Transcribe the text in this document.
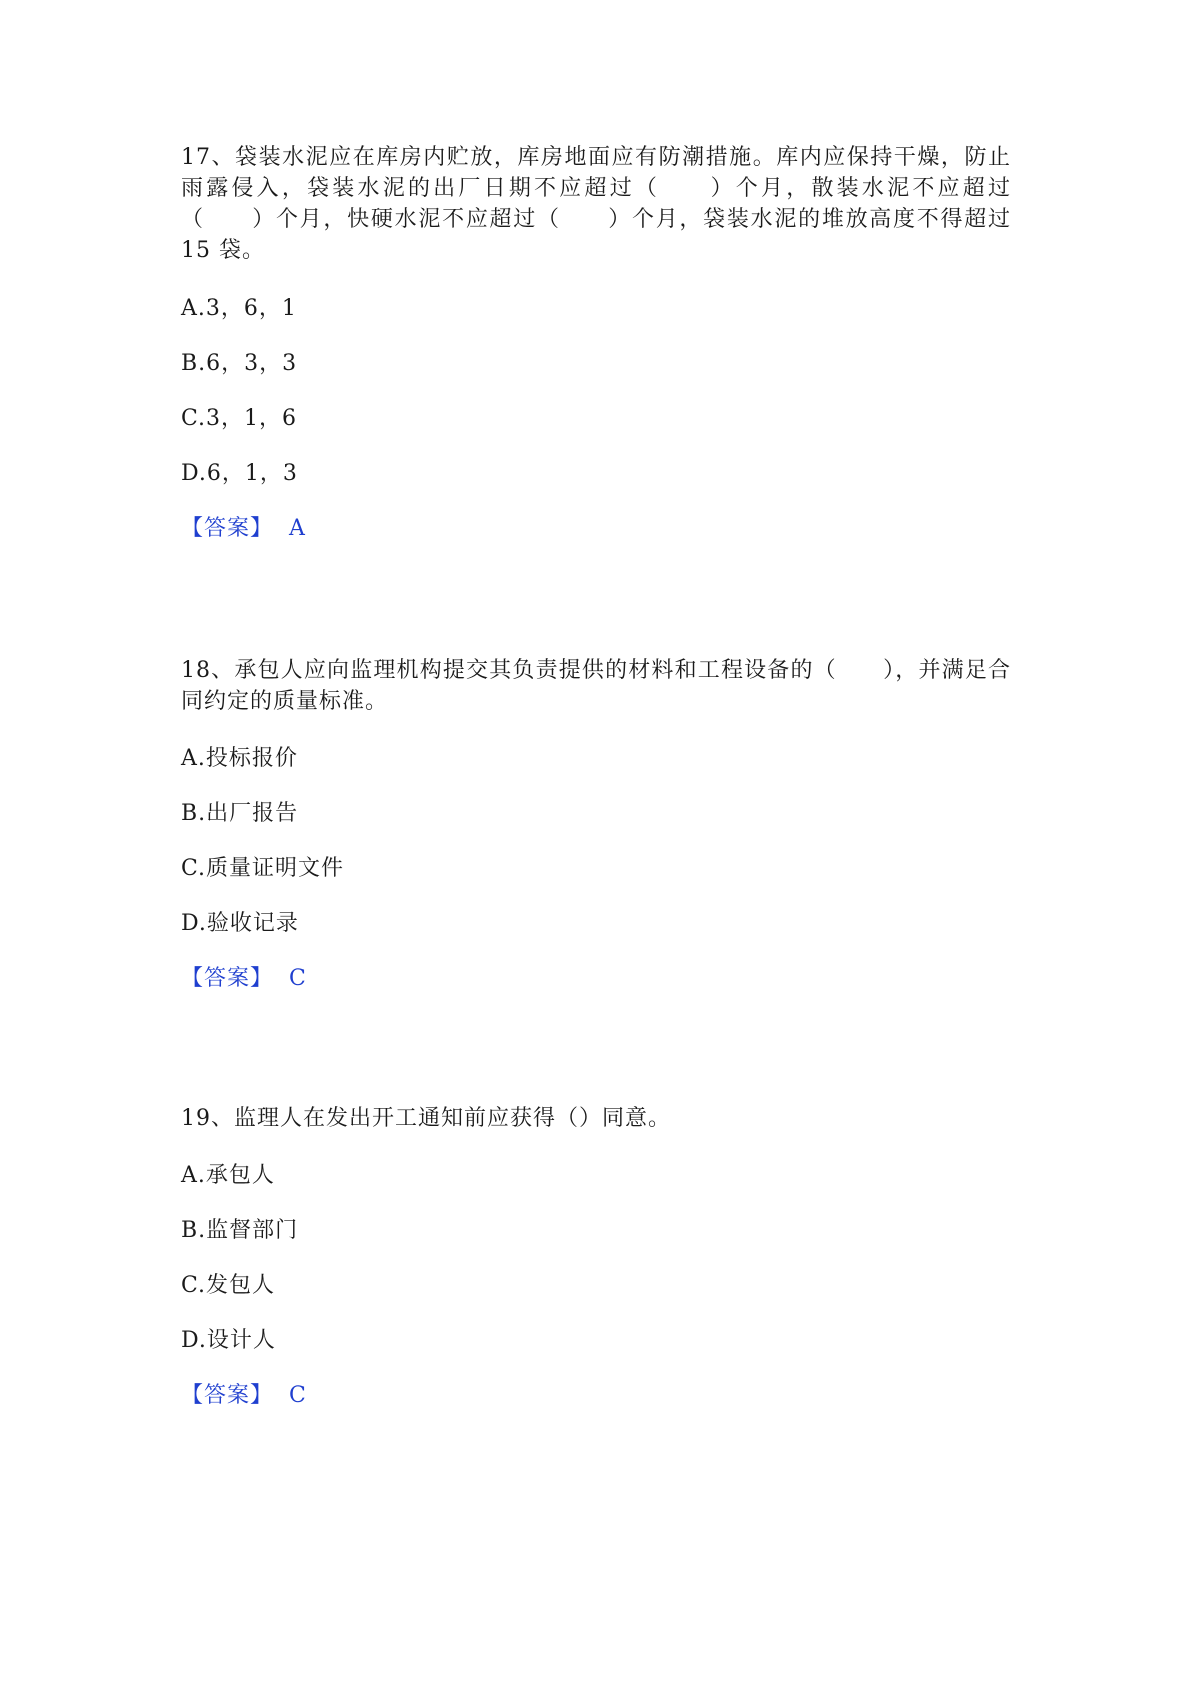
17、袋装水泥应在库房内贮放，库房地面应有防潮措施。库内应保持干燥，防止雨露侵入，袋装水泥的出厂日期不应超过（　　）个月，散装水泥不应超过（　　）个月，快硬水泥不应超过（　　）个月，袋装水泥的堆放高度不得超过 15 袋。

A.3，6，1
B.6，3，3
C.3，1，6
D.6，1，3
【答案】 A

18、承包人应向监理机构提交其负责提供的材料和工程设备的（　　），并满足合同约定的质量标准。

A.投标报价
B.出厂报告
C.质量证明文件
D.验收记录
【答案】 C

19、监理人在发出开工通知前应获得（）同意。

A.承包人
B.监督部门
C.发包人
D.设计人
【答案】 C
